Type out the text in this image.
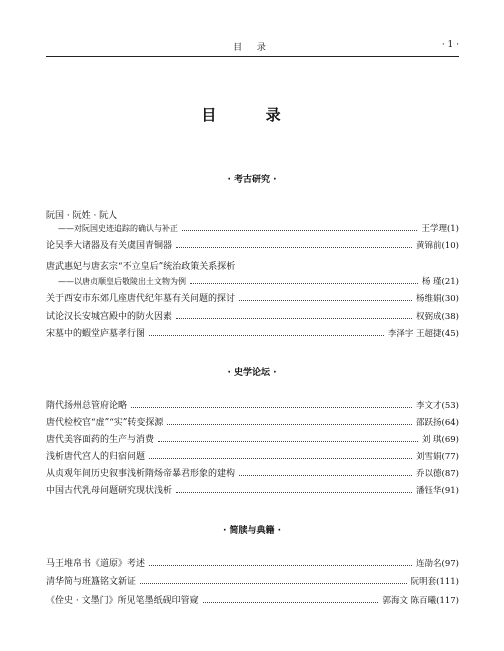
目 录	· 1 ·
目 录
· 考古研究 ·
阮国 · 阮姓 · 阮人
——对阮国史迹追踪的确认与补正	王学理 (1)
论吴季大诸器及有关虞国青铜器	黄锦前 (10)
唐武惠妃与唐玄宗“不立皇后”统治政策关系探析
——以唐贞顺皇后敬陵出土文物为例	杨 瑾 (21)
关于西安市东郊几座唐代纪年墓有关问题的探讨	杨维娟 (30)
试论汉长安城宫殿中的防火因素	权弼成 (38)
宋墓中的蝦堂庐墓孝行图	李泽宇 王超捷 (45)
· 史学论坛 ·
隋代扬州总管府论略	李文才 (53)
唐代检校官“虚”“实”转变探源	邵跃扬 (64)
唐代美容面药的生产与消费	刘 琪 (69)
浅析唐代宫人的归宿问题	刘雪娟 (77)
从贞观年间历史叙事浅析隋炀帝暴君形象的建构	乔以德 (87)
中国古代乳母问题研究现状浅析	潘钰华 (91)
· 简牍与典籍 ·
马王堆帛书《道原》考述	连劭名 (97)
清华简与班簋铭文新证	阮明套 (111)
《佺史 · 文墨门》所见笔墨纸砚印管窥	郭海文 陈百曦 (117)
